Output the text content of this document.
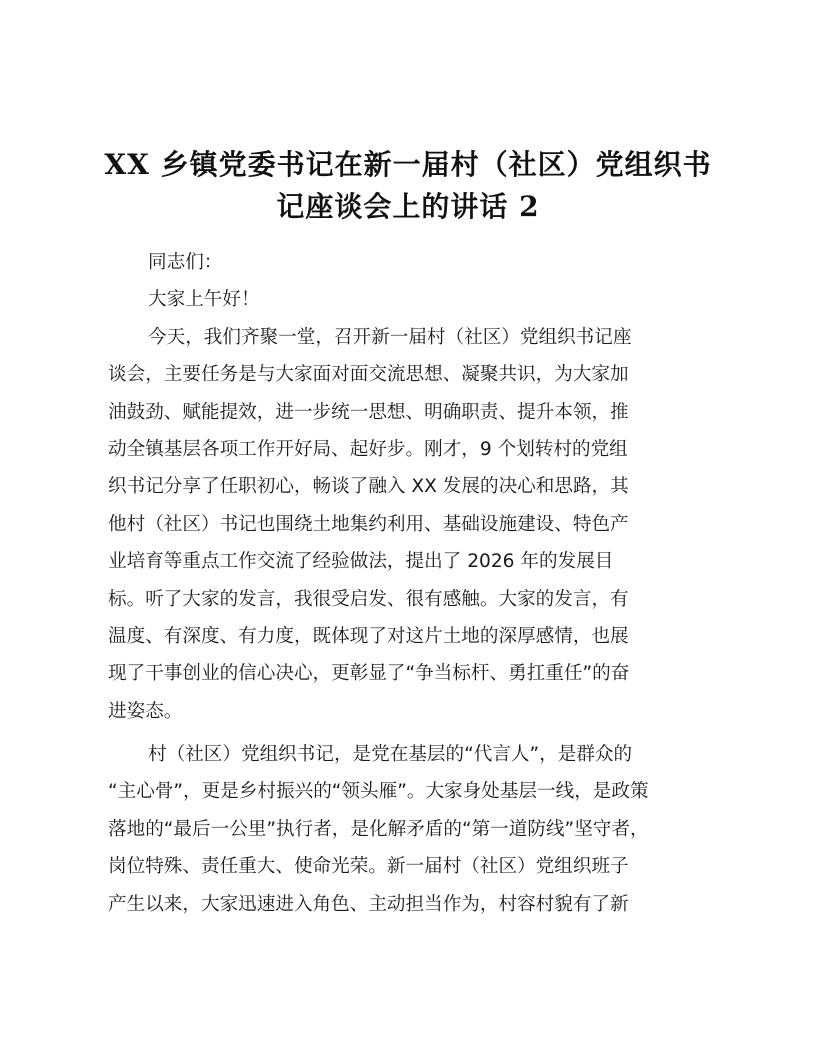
XX 乡镇党委书记在新一届村（社区）党组织书
记座谈会上的讲话 2
同志们：
大家上午好！
今天，我们齐聚一堂，召开新一届村（社区）党组织书记座
谈会，主要任务是与大家面对面交流思想、凝聚共识，为大家加
油鼓劲、赋能提效，进一步统一思想、明确职责、提升本领，推
动全镇基层各项工作开好局、起好步。刚才，9 个划转村的党组
织书记分享了任职初心，畅谈了融入 XX 发展的决心和思路，其
他村（社区）书记也围绕土地集约利用、基础设施建设、特色产
业培育等重点工作交流了经验做法，提出了 2026 年的发展目
标。听了大家的发言，我很受启发、很有感触。大家的发言，有
温度、有深度、有力度，既体现了对这片土地的深厚感情，也展
现了干事创业的信心决心，更彰显了“争当标杆、勇扛重任”的奋
进姿态。
村（社区）党组织书记，是党在基层的“代言人”，是群众的
“主心骨”，更是乡村振兴的“领头雁”。大家身处基层一线，是政策
落地的“最后一公里”执行者，是化解矛盾的“第一道防线”坚守者，
岗位特殊、责任重大、使命光荣。新一届村（社区）党组织班子
产生以来，大家迅速进入角色、主动担当作为，村容村貌有了新
